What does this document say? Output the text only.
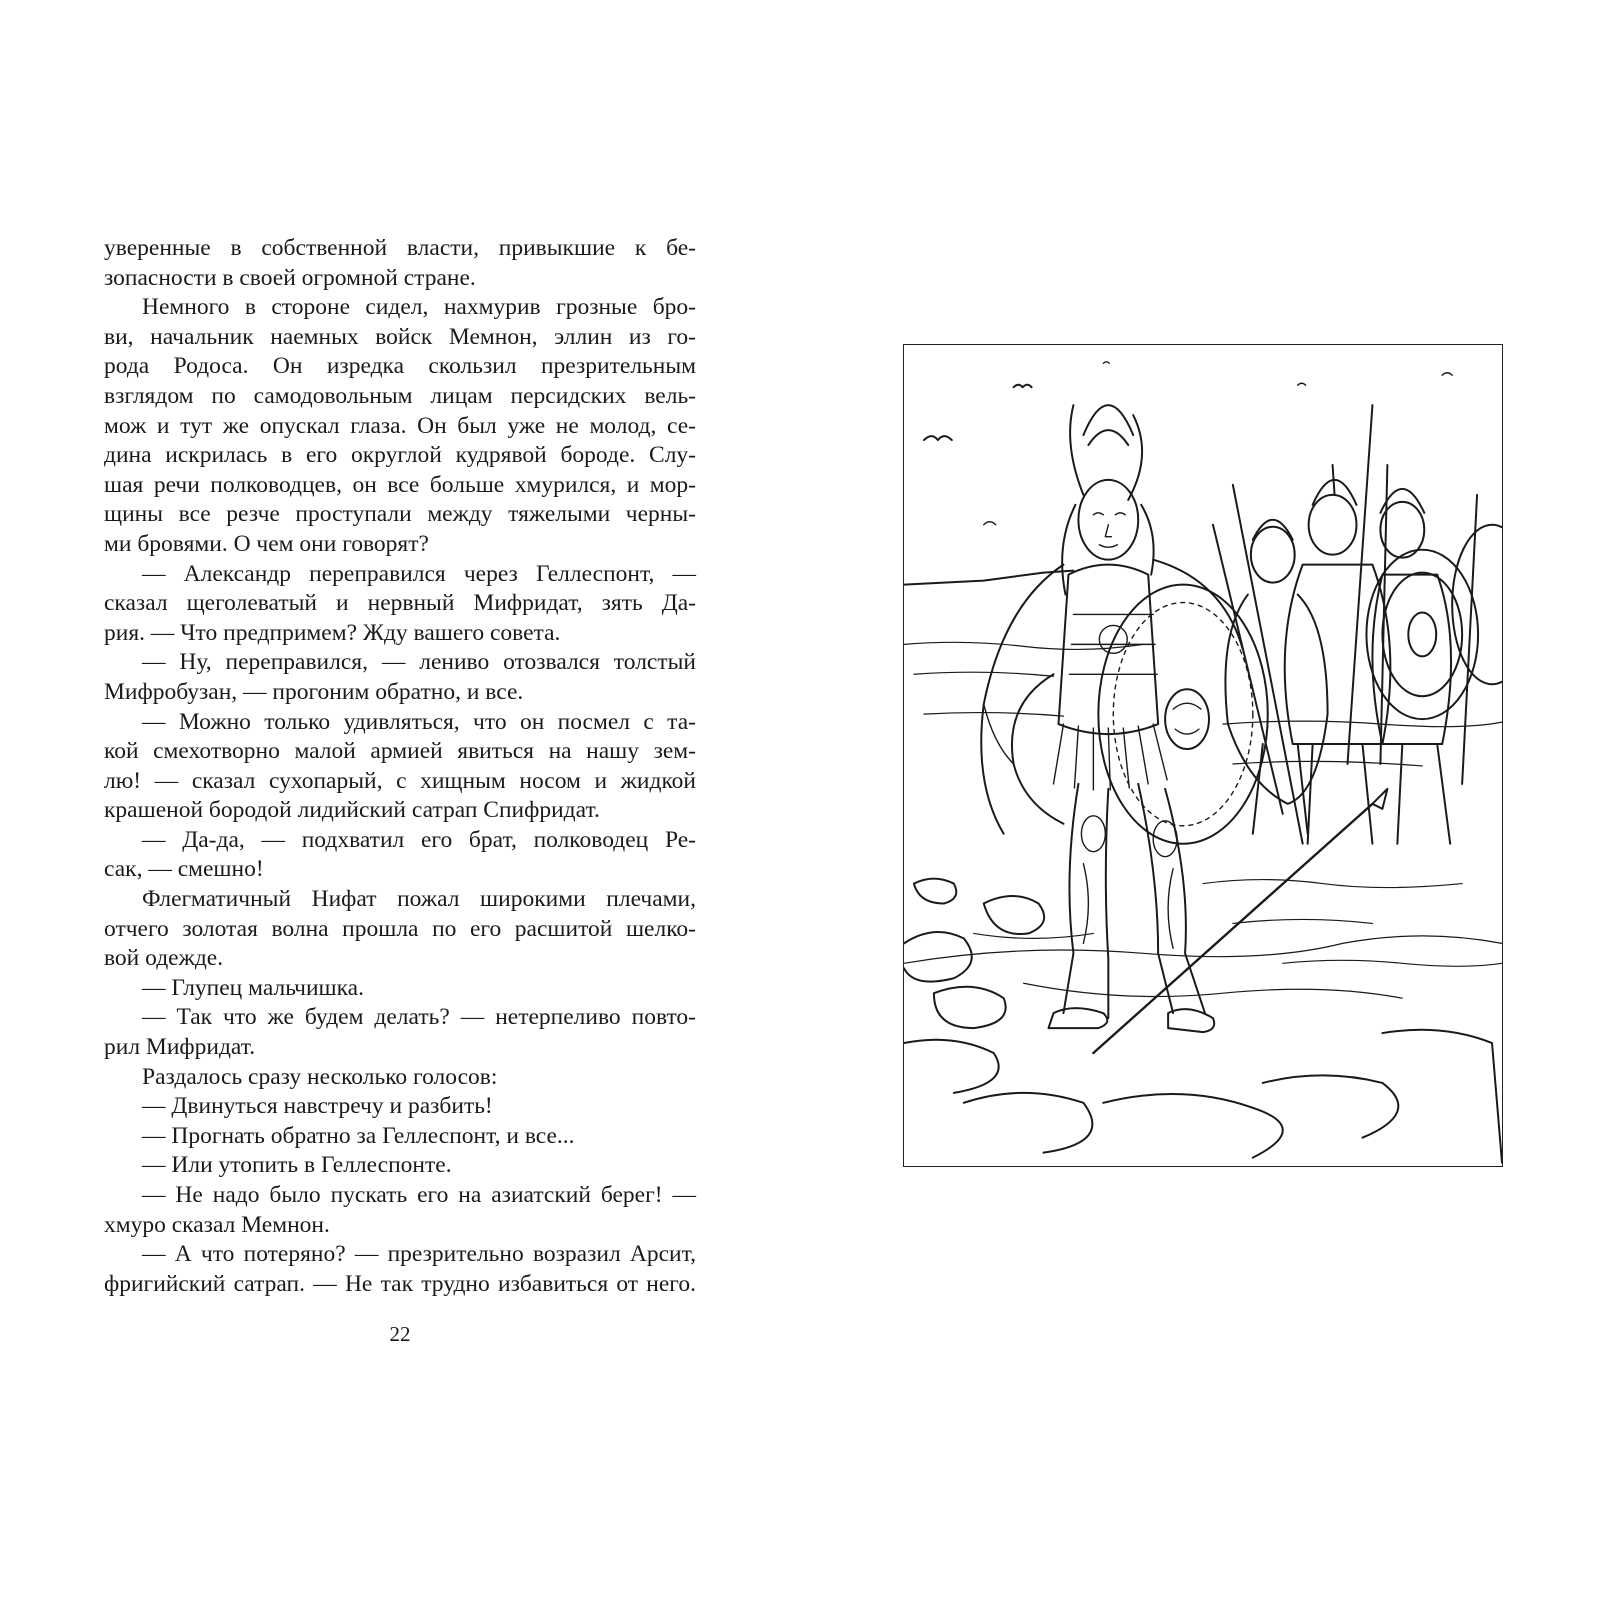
уверенные в собственной власти, привыкшие к бе-
зопасности в своей огромной стране.
Немного в стороне сидел, нахмурив грозные бро-
ви, начальник наемных войск Мемнон, эллин из го-
рода Родоса. Он изредка скользил презрительным
взглядом по самодовольным лицам персидских вель-
мож и тут же опускал глаза. Он был уже не молод, се-
дина искрилась в его округлой кудрявой бороде. Слу-
шая речи полководцев, он все больше хмурился, и мор-
щины все резче проступали между тяжелыми черны-
ми бровями. О чем они говорят?
— Александр переправился через Геллеспонт, —
сказал щеголеватый и нервный Мифридат, зять Да-
рия. — Что предпримем? Жду вашего совета.
— Ну, переправился, — лениво отозвался толстый
Мифробузан, — прогоним обратно, и все.
— Можно только удивляться, что он посмел с та-
кой смехотворно малой армией явиться на нашу зем-
лю! — сказал сухопарый, с хищным носом и жидкой
крашеной бородой лидийский сатрап Спифридат.
— Да-да, — подхватил его брат, полководец Ре-
сак, — смешно!
Флегматичный Нифат пожал широкими плечами,
отчего золотая волна прошла по его расшитой шелко-
вой одежде.
— Глупец мальчишка.
— Так что же будем делать? — нетерпеливо повто-
рил Мифридат.
Раздалось сразу несколько голосов:
— Двинуться навстречу и разбить!
— Прогнать обратно за Геллеспонт, и все...
— Или утопить в Геллеспонте.
— Не надо было пускать его на азиатский берег! —
хмуро сказал Мемнон.
— А что потеряно? — презрительно возразил Арсит,
фригийский сатрап. — Не так трудно избавиться от него.
22
